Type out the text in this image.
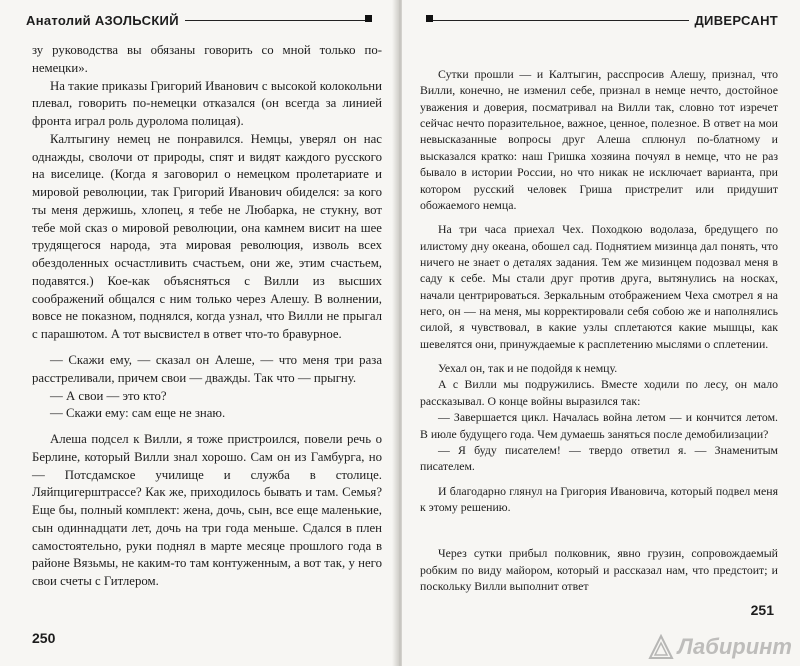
Анатолий АЗОЛЬСКИЙ

зу руководства вы обязаны говорить со мной только по-немецки».

На такие приказы Григорий Иванович с высокой колокольни плевал, говорить по-немецки отказался (он всегда за линией фронта играл роль дуролома полицая).

Калтыгину немец не понравился. Немцы, уверял он нас однажды, сволочи от природы, спят и видят каждого русского на виселице. (Когда я заговорил о немецком пролетариате и мировой революции, так Григорий Иванович обиделся: за кого ты меня держишь, хлопец, я тебе не Любарка, не стукну, вот тебе мой сказ о мировой революции, она камнем висит на шее трудящегося народа, эта мировая революция, изволь всех обездоленных осчастливить счастьем, они же, этим счастьем, подавятся.) Кое-как объясняться с Вилли из высших соображений общался с ним только через Алешу. В волнении, вовсе не показном, поднялся, когда узнал, что Вилли не прыгал с парашютом. А тот высвистел в ответ что-то бравурное.

— Скажи ему, — сказал он Алеше, — что меня три раза расстреливали, причем свои — дважды. Так что — прыгну.

— А свои — это кто?

— Скажи ему: сам еще не знаю.

Алеша подсел к Вилли, я тоже пристроился, повели речь о Берлине, который Вилли знал хорошо. Сам он из Гамбурга, но — Потсдамское училище и служба в столице. Ляйпцигерштрассе? Как же, приходилось бывать и там. Семья? Еще бы, полный комплект: жена, дочь, сын, все еще маленькие, сын одиннадцати лет, дочь на три года меньше. Сдался в плен самостоятельно, руки поднял в марте месяце прошлого года в районе Вязьмы, не каким-то там контуженным, а вот так, у него свои счеты с Гитлером.

250
ДИВЕРСАНТ

Сутки прошли — и Калтыгин, расспросив Алешу, признал, что Вилли, конечно, не изменил себе, признал в немце нечто, достойное уважения и доверия, посматривал на Вилли так, словно тот изречет сейчас нечто поразительное, важное, ценное, полезное. В ответ на мои невысказанные вопросы друг Алеша сплюнул по-блатному и высказался кратко: наш Гришка хозяина почуял в немце, что не раз бывало в истории России, но что никак не исключает варианта, при котором русский человек Гриша пристрелит или придушит обожаемого немца.

На три часа приехал Чех. Походкою водолаза, бредущего по илистому дну океана, обошел сад. Поднятием мизинца дал понять, что ничего не знает о деталях задания. Тем же мизинцем подозвал меня в саду к себе. Мы стали друг против друга, вытянулись на носках, начали центрироваться. Зеркальным отображением Чеха смотрел я на него, он — на меня, мы корректировали себя собою же и наполнялись силой, я чувствовал, в какие узлы сплетаются какие мышцы, как шевелятся они, принуждаемые к расплетению мыслями о сплетении.

Уехал он, так и не подойдя к немцу.

А с Вилли мы подружились. Вместе ходили по лесу, он мало рассказывал. О конце войны выразился так:

— Завершается цикл. Началась война летом — и кончится летом. В июле будущего года. Чем думаешь заняться после демобилизации?

— Я буду писателем! — твердо ответил я. — Знаменитым писателем.

И благодарно глянул на Григория Ивановича, который подвел меня к этому решению.

Через сутки прибыл полковник, явно грузин, сопровождаемый робким по виду майором, который и рассказал нам, что предстоит; и поскольку Вилли выполнит ответ

251
Лабиринт
